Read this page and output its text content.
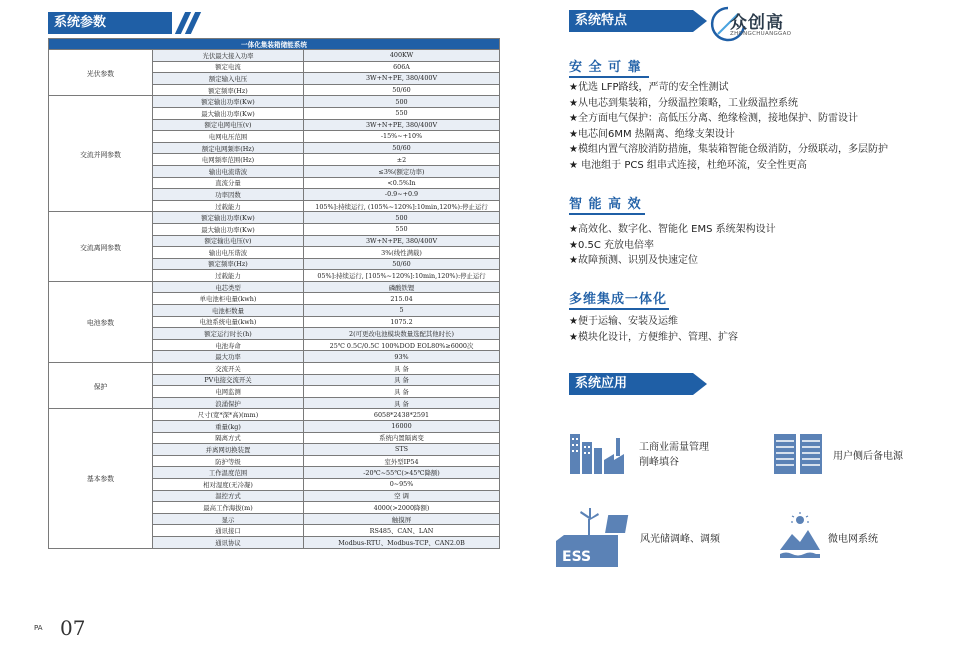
系统参数
一体化集装箱储能系统		
光伏参数	光伏最大接入功率	400KW
	额定电流	606A
	额定输入电压	3W+N+PE, 380/400V
	额定频率(Hz)	50/60
交流并网参数	额定输出功率(Kw)	500
	最大输出功率(Kw)	550
	额定电网电压(v)	3W+N+PE, 380/400V
	电网电压范围	-15%~+10%
	额定电网频率(Hz)	50/60
	电网频率范围(Hz)	±2
	输出电流谐波	≤3%(额定功率)
	直流分量	<0.5%In
	功率因数	-0.9~+0.9
	过载能力	105%]:持续运行, (105%~120%]:10min,120%):停止运行
交流离网参数	额定输出功率(Kw)	500
	最大输出功率(Kw)	550
	额定输出电压(v)	3W+N+PE, 380/400V
	输出电压谐波	3%(线性满载)
	额定频率(Hz)	50/60
	过载能力	05%]:持续运行, [105%~120%]:10min,120%):停止运行
电池参数	电芯类型	磷酸铁锂
	单电池柜电量(kwh)	215.04
	电池柜数量	5
	电池系统电量(kwh)	1075.2
	额定运行时长(h)	2(可更改电池模块数量选配其他时长)
	电池寿命	25℃ 0.5C/0.5C 100%DOD EOL80%≥6000次
	最大功率	93%
保护	交流开关	具 备
	PV电接交流开关	具 备
	电网监测	具 备
	浪涌保护	具 备
基本参数	尺寸(宽*深*高)(mm)	6058*2438*2591
	重量(kg)	16000
	隔离方式	系统内置隔离变
	并离网切换装置	STS
	防护等级	室外型IP54
	工作温度范围	-20℃~55℃(>45℃降额)
	相对湿度(无冷凝)	0~95%
	温控方式	空 调
	最高工作海拔(m)	4000(>2000降额)
	显示	触摸屏
	通讯接口	RS485、CAN、LAN
	通讯协议	Modbus-RTU、Modbus-TCP、CAN2.0B
PA 07
系统特点	众创高
ZHONGCHUANGGAO
安 全 可 靠
★优选 LFP路线，严苛的安全性测试
★从电芯到集装箱，分级温控策略，工业级温控系统
★全方面电气保护：高低压分离、绝缘检测，接地保护、防雷设计
★电芯间6MM 热隔离、绝缘支架设计
★模组内置气溶胶消防措施，集装箱智能仓级消防，分级联动，多层防护
★ 电池组于 PCS 组串式连接，杜绝环流，安全性更高
智 能 高 效
★高效化、数字化、智能化 EMS 系统架构设计
★0.5C 充放电倍率
★故障预测、识别及快速定位
多维集成一体化
★便于运输、安装及运维
★模块化设计，方便维护、管理、扩容
系统应用
工商业需量管理
削峰填谷
用户侧后备电源
ESS
风光储调峰、调频	微电网系统
